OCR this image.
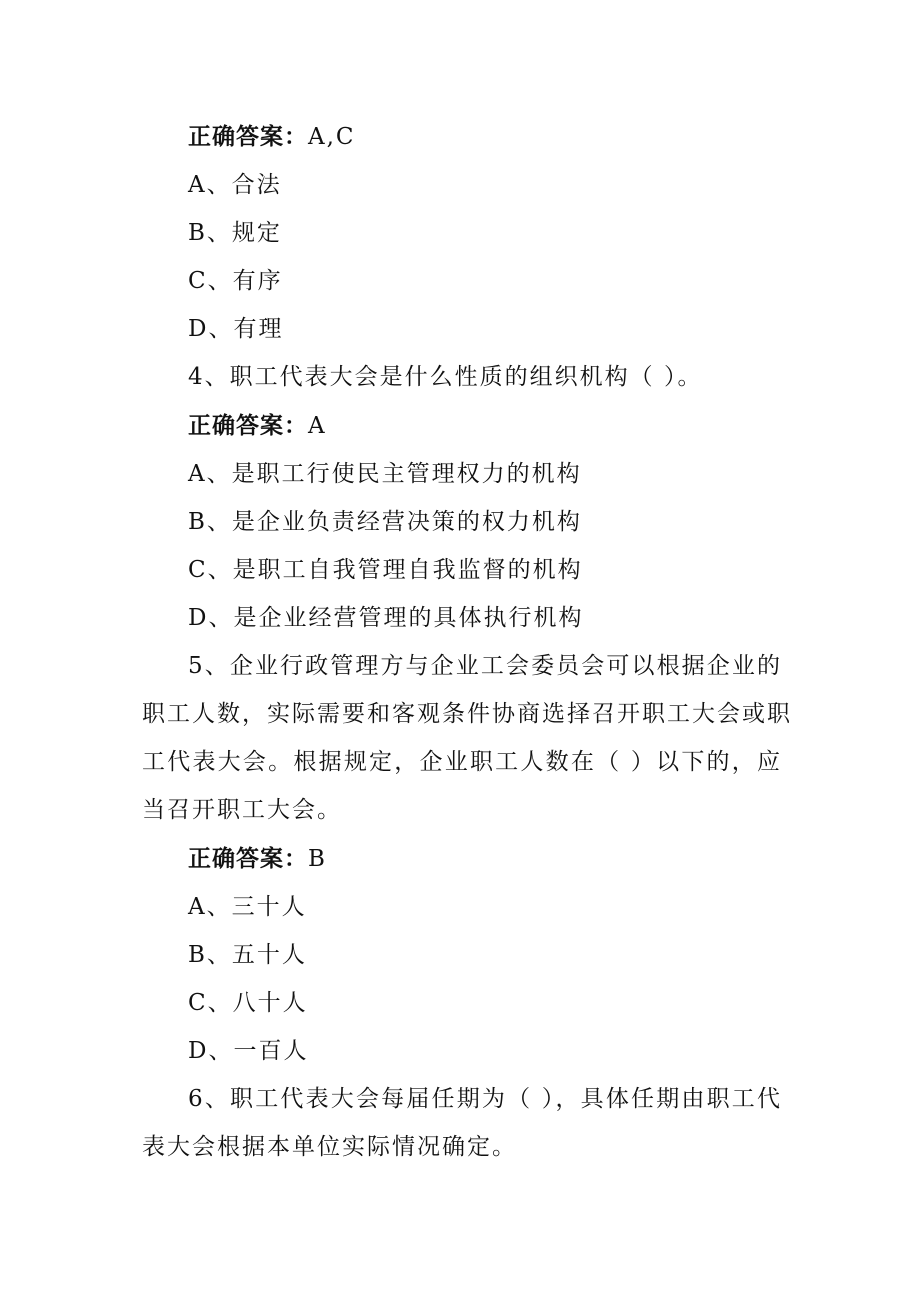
正确答案：A,C
A、合法
B、规定
C、有序
D、有理
4、职工代表大会是什么性质的组织机构（ ）。
正确答案：A
A、是职工行使民主管理权力的机构
B、是企业负责经营决策的权力机构
C、是职工自我管理自我监督的机构
D、是企业经营管理的具体执行机构
5、企业行政管理方与企业工会委员会可以根据企业的
职工人数，实际需要和客观条件协商选择召开职工大会或职
工代表大会。根据规定，企业职工人数在（ ）以下的，应
当召开职工大会。
正确答案：B
A、三十人
B、五十人
C、八十人
D、一百人
6、职工代表大会每届任期为（ ），具体任期由职工代
表大会根据本单位实际情况确定。
